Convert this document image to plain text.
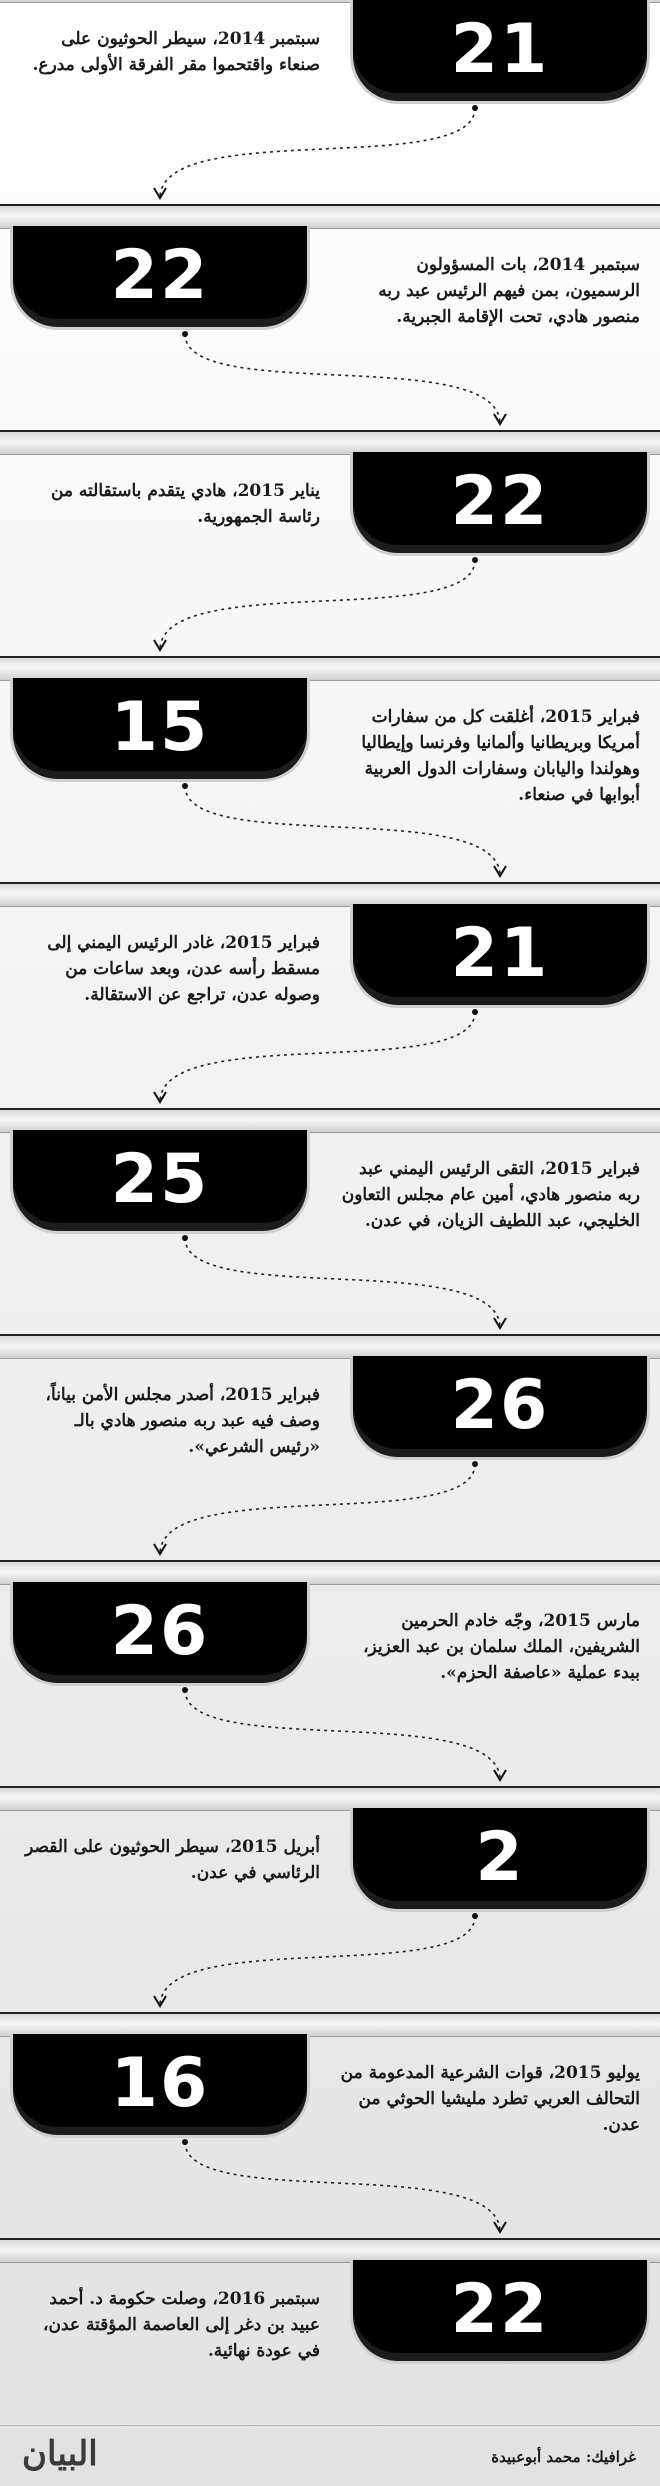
21
سبتمبر 2014، سيطر الحوثيون على صنعاء واقتحموا مقر الفرقة الأولى مدرع.
22	سبتمبر 2014، بات المسؤولون الرسميون، بمن فيهم الرئيس عبد ربه منصور هادي، تحت الإقامة الجبرية.
22
يناير 2015، هادي يتقدم باستقالته من رئاسة الجمهورية.
15	فبراير 2015، أغلقت كل من سفارات أمريكا وبريطانيا وألمانيا وفرنسا وإيطاليا وهولندا واليابان وسفارات الدول العربية أبوابها في صنعاء.
21
فبراير 2015، غادر الرئيس اليمني إلى مسقط رأسه عدن، وبعد ساعات من وصوله عدن، تراجع عن الاستقالة.
25	فبراير 2015، التقى الرئيس اليمني عبد ربه منصور هادي، أمين عام مجلس التعاون الخليجي، عبد اللطيف الزيان، في عدن.
26
فبراير 2015، أصدر مجلس الأمن بياناً، وصف فيه عبد ربه منصور هادي بالـ «رئيس الشرعي».
26	مارس 2015، وجّه خادم الحرمين الشريفين، الملك سلمان بن عبد العزيز، ببدء عملية «عاصفة الحزم».
2
أبريل 2015، سيطر الحوثيون على القصر الرئاسي في عدن.
16	يوليو 2015، قوات الشرعية المدعومة من التحالف العربي تطرد مليشيا الحوثي من عدن.
22
سبتمبر 2016، وصلت حكومة د. أحمد عبيد بن دغر إلى العاصمة المؤقتة عدن، في عودة نهائية.
البيان	غرافيك: محمد أبوعبيدة
